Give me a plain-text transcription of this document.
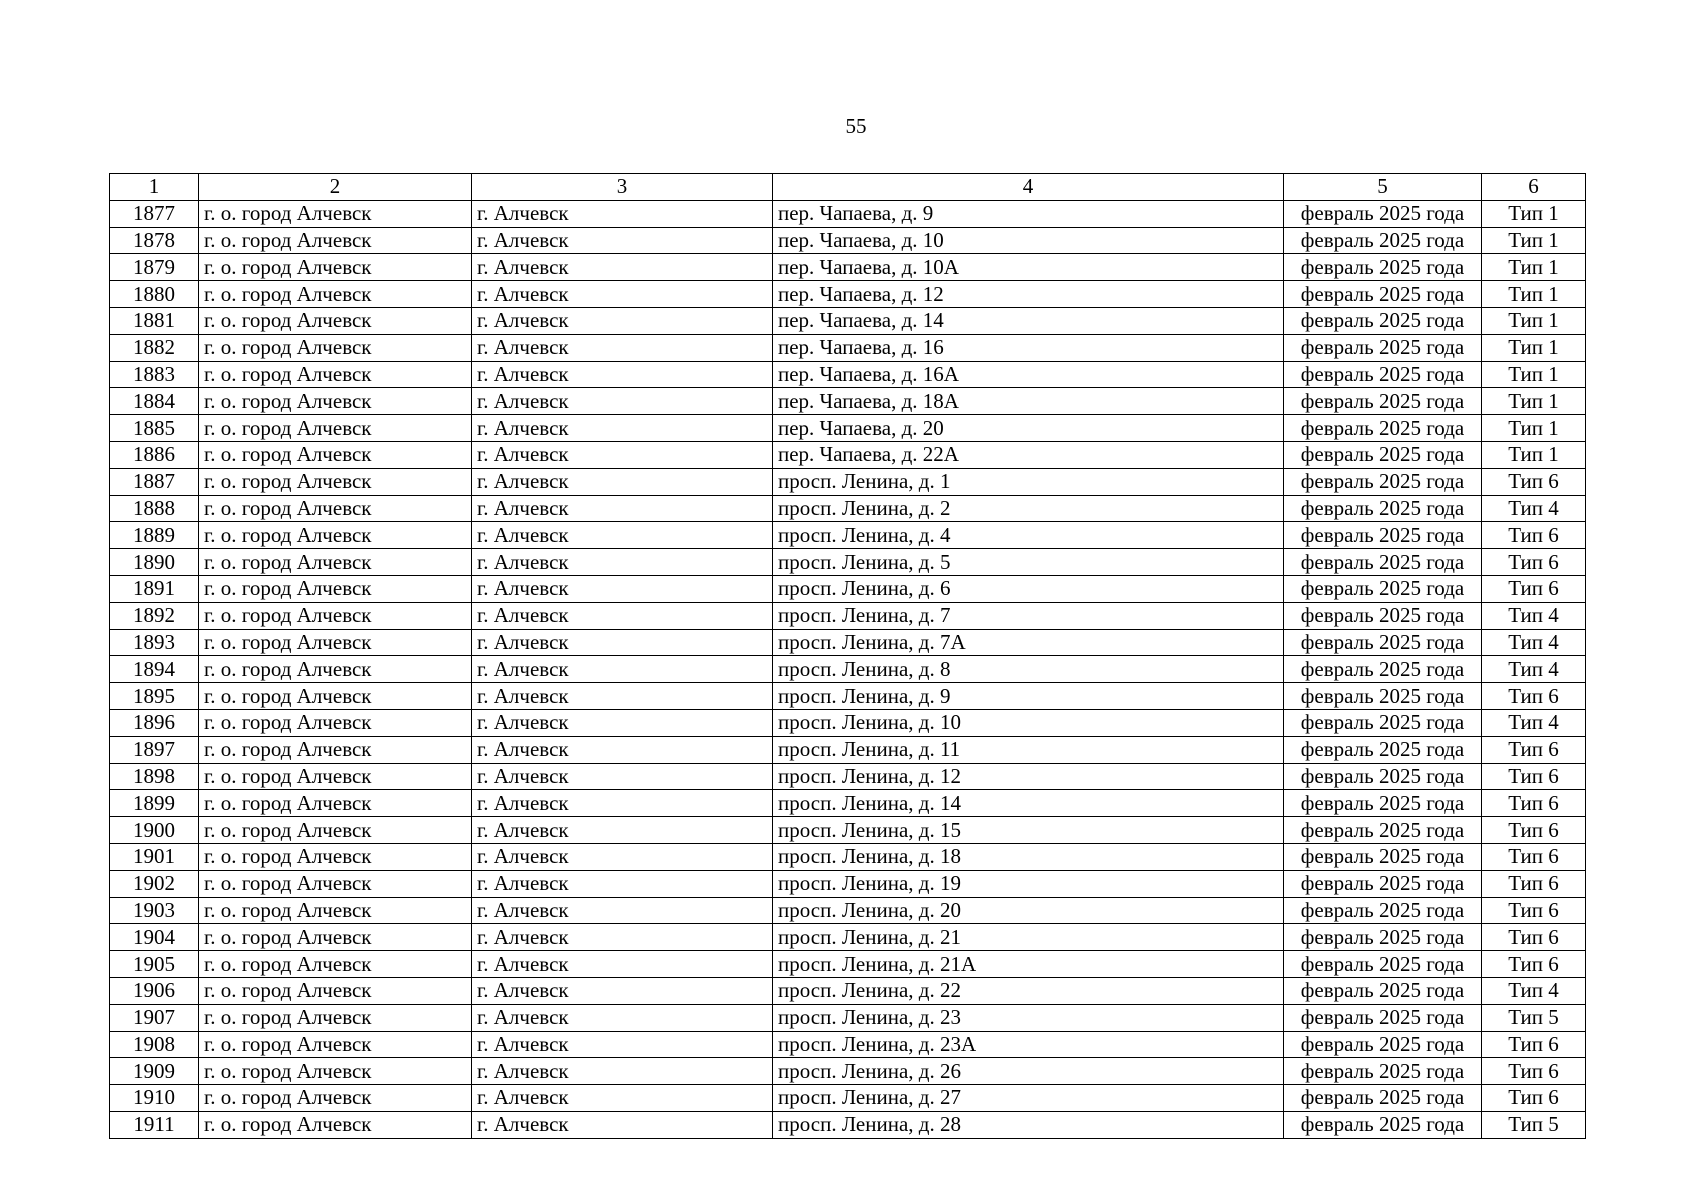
55
1	2	3	4	5	6
1877	г. о. город Алчевск	г. Алчевск	пер. Чапаева, д. 9	февраль 2025 года	Тип 1
1878	г. о. город Алчевск	г. Алчевск	пер. Чапаева, д. 10	февраль 2025 года	Тип 1
1879	г. о. город Алчевск	г. Алчевск	пер. Чапаева, д. 10А	февраль 2025 года	Тип 1
1880	г. о. город Алчевск	г. Алчевск	пер. Чапаева, д. 12	февраль 2025 года	Тип 1
1881	г. о. город Алчевск	г. Алчевск	пер. Чапаева, д. 14	февраль 2025 года	Тип 1
1882	г. о. город Алчевск	г. Алчевск	пер. Чапаева, д. 16	февраль 2025 года	Тип 1
1883	г. о. город Алчевск	г. Алчевск	пер. Чапаева, д. 16А	февраль 2025 года	Тип 1
1884	г. о. город Алчевск	г. Алчевск	пер. Чапаева, д. 18А	февраль 2025 года	Тип 1
1885	г. о. город Алчевск	г. Алчевск	пер. Чапаева, д. 20	февраль 2025 года	Тип 1
1886	г. о. город Алчевск	г. Алчевск	пер. Чапаева, д. 22А	февраль 2025 года	Тип 1
1887	г. о. город Алчевск	г. Алчевск	просп. Ленина, д. 1	февраль 2025 года	Тип 6
1888	г. о. город Алчевск	г. Алчевск	просп. Ленина, д. 2	февраль 2025 года	Тип 4
1889	г. о. город Алчевск	г. Алчевск	просп. Ленина, д. 4	февраль 2025 года	Тип 6
1890	г. о. город Алчевск	г. Алчевск	просп. Ленина, д. 5	февраль 2025 года	Тип 6
1891	г. о. город Алчевск	г. Алчевск	просп. Ленина, д. 6	февраль 2025 года	Тип 6
1892	г. о. город Алчевск	г. Алчевск	просп. Ленина, д. 7	февраль 2025 года	Тип 4
1893	г. о. город Алчевск	г. Алчевск	просп. Ленина, д. 7А	февраль 2025 года	Тип 4
1894	г. о. город Алчевск	г. Алчевск	просп. Ленина, д. 8	февраль 2025 года	Тип 4
1895	г. о. город Алчевск	г. Алчевск	просп. Ленина, д. 9	февраль 2025 года	Тип 6
1896	г. о. город Алчевск	г. Алчевск	просп. Ленина, д. 10	февраль 2025 года	Тип 4
1897	г. о. город Алчевск	г. Алчевск	просп. Ленина, д. 11	февраль 2025 года	Тип 6
1898	г. о. город Алчевск	г. Алчевск	просп. Ленина, д. 12	февраль 2025 года	Тип 6
1899	г. о. город Алчевск	г. Алчевск	просп. Ленина, д. 14	февраль 2025 года	Тип 6
1900	г. о. город Алчевск	г. Алчевск	просп. Ленина, д. 15	февраль 2025 года	Тип 6
1901	г. о. город Алчевск	г. Алчевск	просп. Ленина, д. 18	февраль 2025 года	Тип 6
1902	г. о. город Алчевск	г. Алчевск	просп. Ленина, д. 19	февраль 2025 года	Тип 6
1903	г. о. город Алчевск	г. Алчевск	просп. Ленина, д. 20	февраль 2025 года	Тип 6
1904	г. о. город Алчевск	г. Алчевск	просп. Ленина, д. 21	февраль 2025 года	Тип 6
1905	г. о. город Алчевск	г. Алчевск	просп. Ленина, д. 21А	февраль 2025 года	Тип 6
1906	г. о. город Алчевск	г. Алчевск	просп. Ленина, д. 22	февраль 2025 года	Тип 4
1907	г. о. город Алчевск	г. Алчевск	просп. Ленина, д. 23	февраль 2025 года	Тип 5
1908	г. о. город Алчевск	г. Алчевск	просп. Ленина, д. 23А	февраль 2025 года	Тип 6
1909	г. о. город Алчевск	г. Алчевск	просп. Ленина, д. 26	февраль 2025 года	Тип 6
1910	г. о. город Алчевск	г. Алчевск	просп. Ленина, д. 27	февраль 2025 года	Тип 6
1911	г. о. город Алчевск	г. Алчевск	просп. Ленина, д. 28	февраль 2025 года	Тип 5
